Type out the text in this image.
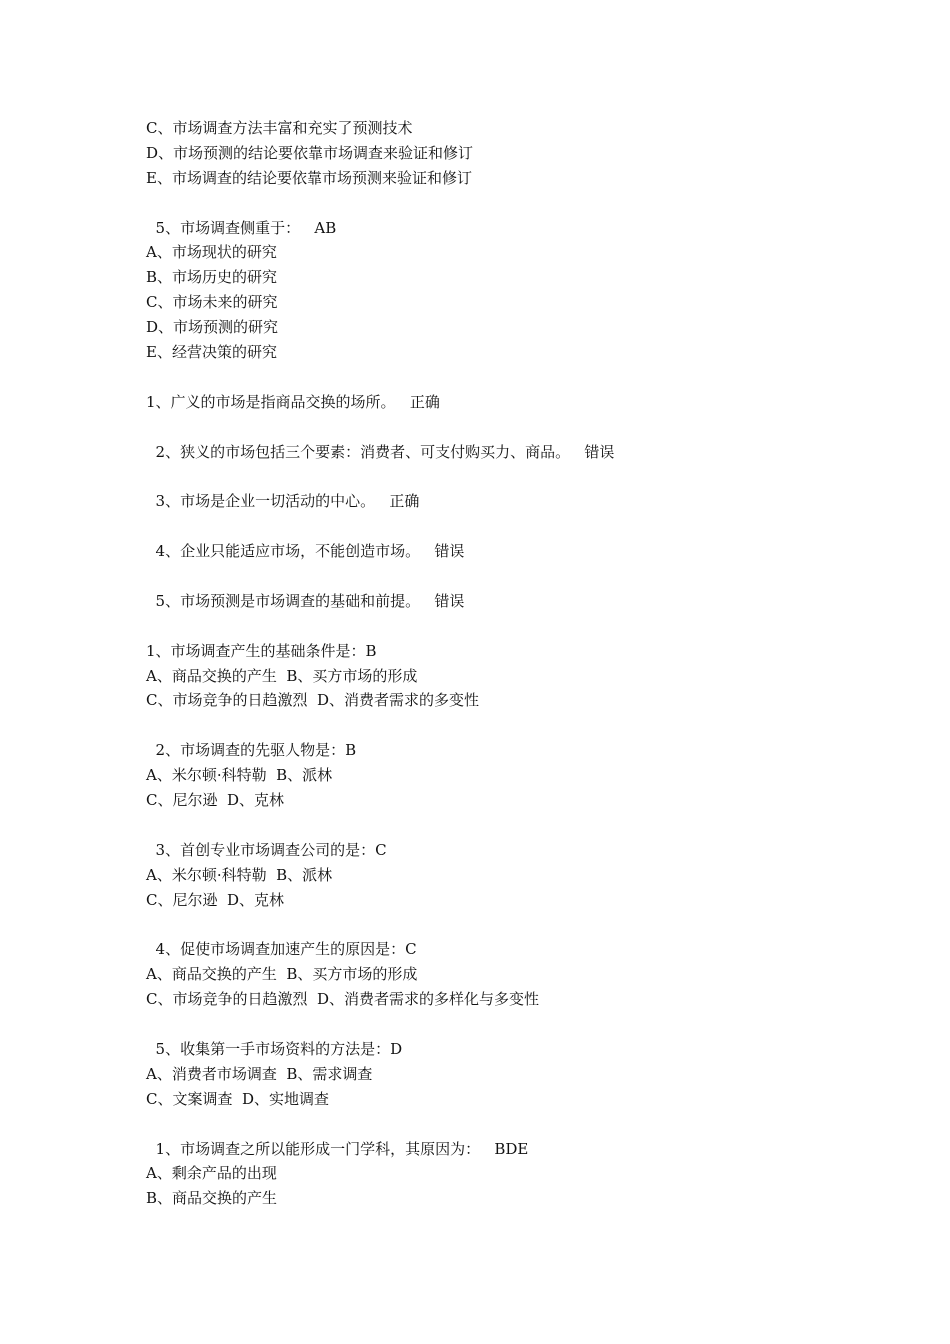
C、市场调查方法丰富和充实了预测技术
D、市场预测的结论要依靠市场调查来验证和修订
E、市场调查的结论要依靠市场预测来验证和修订
5、市场调查侧重于：   AB
A、市场现状的研究
B、市场历史的研究
C、市场未来的研究
D、市场预测的研究
E、经营决策的研究
1、广义的市场是指商品交换的场所。   正确
2、狭义的市场包括三个要素：消费者、可支付购买力、商品。   错误
3、市场是企业一切活动的中心。   正确
4、企业只能适应市场，不能创造市场。   错误
5、市场预测是市场调查的基础和前提。   错误
1、市场调查产生的基础条件是：B
A、商品交换的产生  B、买方市场的形成
C、市场竞争的日趋激烈  D、消费者需求的多变性
2、市场调查的先驱人物是：B
A、米尔顿·科特勒  B、派林
C、尼尔逊  D、克林
3、首创专业市场调查公司的是：C
A、米尔顿·科特勒  B、派林
C、尼尔逊  D、克林
4、促使市场调查加速产生的原因是：C
A、商品交换的产生  B、买方市场的形成
C、市场竞争的日趋激烈  D、消费者需求的多样化与多变性
5、收集第一手市场资料的方法是：D
A、消费者市场调查  B、需求调查
C、文案调查  D、实地调查
1、市场调查之所以能形成一门学科，其原因为：   BDE
A、剩余产品的出现
B、商品交换的产生
